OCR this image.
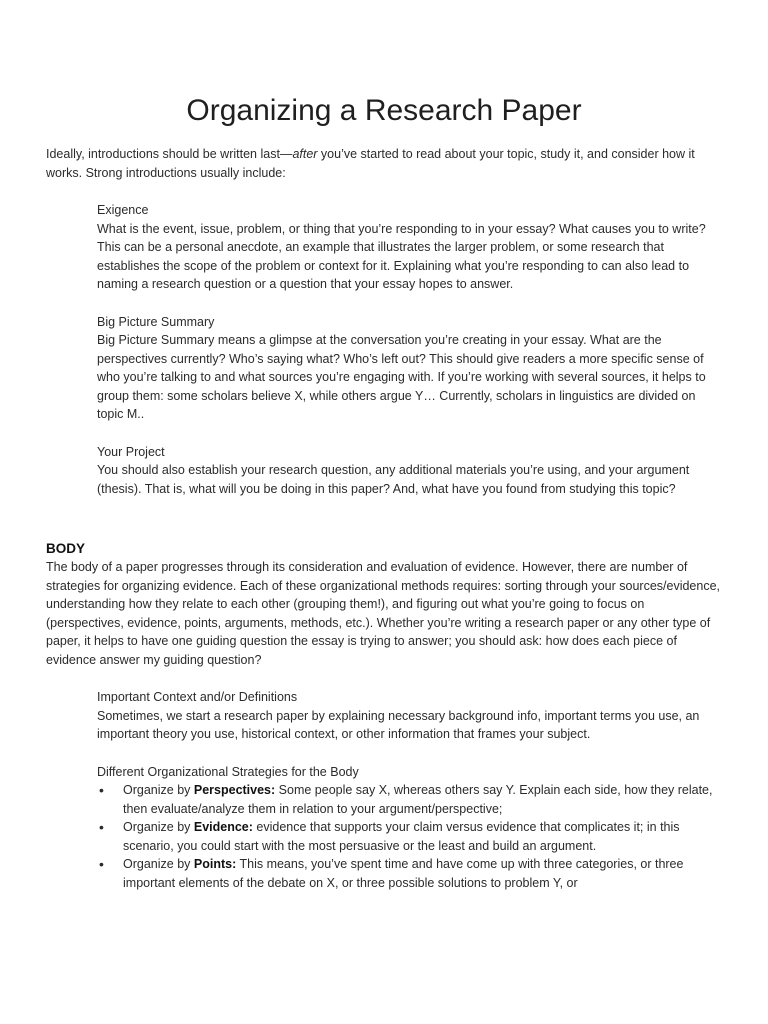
Organizing a Research Paper

Ideally, introductions should be written last—after you’ve started to read about your topic, study it, and consider how it works. Strong introductions usually include:

Exigence

What is the event, issue, problem, or thing that you’re responding to in your essay? What causes you to write? This can be a personal anecdote, an example that illustrates the larger problem, or some research that establishes the scope of the problem or context for it. Explaining what you’re responding to can also lead to naming a research question or a question that your essay hopes to answer.

Big Picture Summary

Big Picture Summary means a glimpse at the conversation you’re creating in your essay. What are the perspectives currently? Who’s saying what? Who’s left out? This should give readers a more specific sense of who you’re talking to and what sources you’re engaging with. If you’re working with several sources, it helps to group them: some scholars believe X, while others argue Y… Currently, scholars in linguistics are divided on topic M..

Your Project

You should also establish your research question, any additional materials you’re using, and your argument (thesis). That is, what will you be doing in this paper? And, what have you found from studying this topic?

BODY

The body of a paper progresses through its consideration and evaluation of evidence. However, there are number of strategies for organizing evidence. Each of these organizational methods requires: sorting through your sources/evidence, understanding how they relate to each other (grouping them!), and figuring out what you’re going to focus on (perspectives, evidence, points, arguments, methods, etc.). Whether you’re writing a research paper or any other type of paper, it helps to have one guiding question the essay is trying to answer; you should ask: how does each piece of evidence answer my guiding question?

Important Context and/or Definitions

Sometimes, we start a research paper by explaining necessary background info, important terms you use, an important theory you use, historical context, or other information that frames your subject.

Different Organizational Strategies for the Body
• Organize by Perspectives: Some people say X, whereas others say Y. Explain each side, how they relate, then evaluate/analyze them in relation to your argument/perspective;
• Organize by Evidence: evidence that supports your claim versus evidence that complicates it; in this scenario, you could start with the most persuasive or the least and build an argument.
• Organize by Points: This means, you’ve spent time and have come up with three categories, or three important elements of the debate on X, or three possible solutions to problem Y, or
